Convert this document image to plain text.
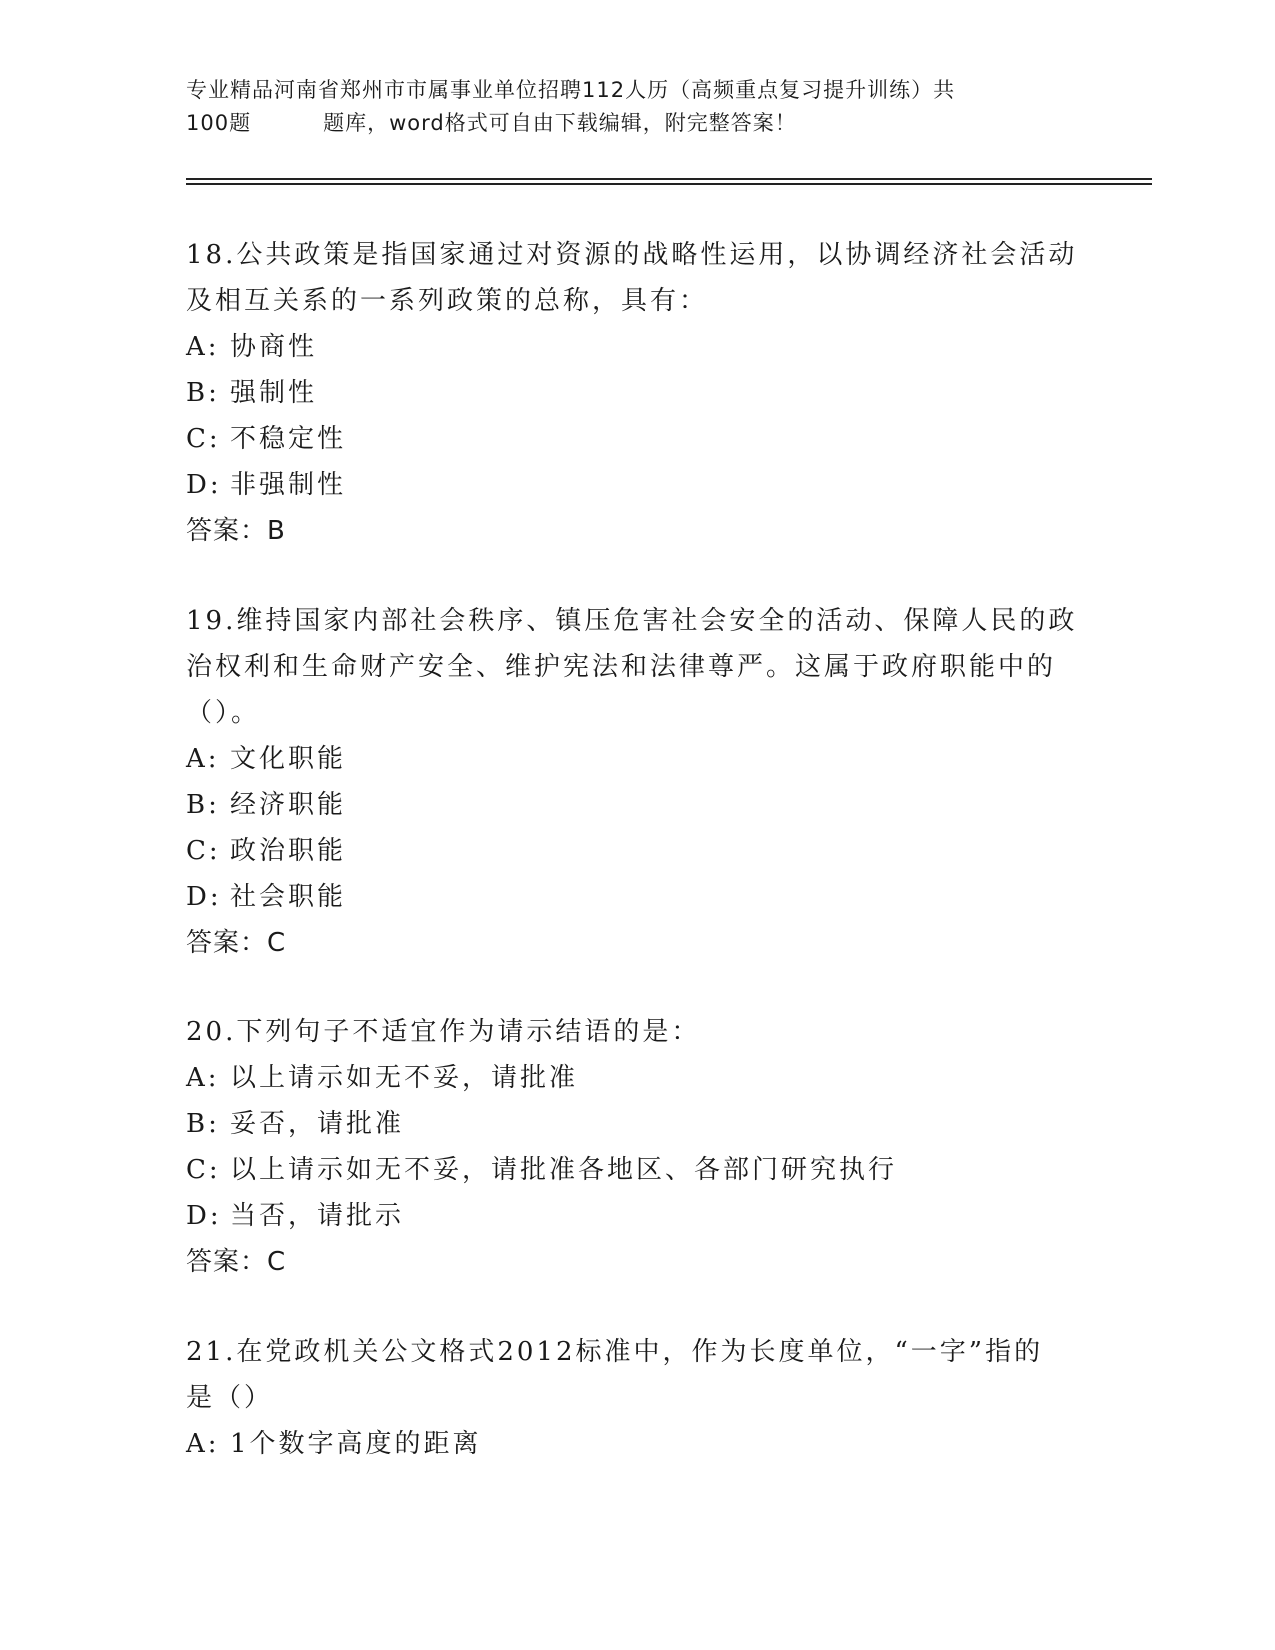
专业精品河南省郑州市市属事业单位招聘112人历（高频重点复习提升训练）共
100题	题库，word格式可自由下载编辑，附完整答案！
18.公共政策是指国家通过对资源的战略性运用，以协调经济社会活动
及相互关系的一系列政策的总称，具有：
A: 协商性
B: 强制性
C: 不稳定性
D: 非强制性
答案：B
19.维持国家内部社会秩序、镇压危害社会安全的活动、保障人民的政
治权利和生命财产安全、维护宪法和法律尊严。这属于政府职能中的
（）。
A: 文化职能
B: 经济职能
C: 政治职能
D: 社会职能
答案：C
20.下列句子不适宜作为请示结语的是：
A: 以上请示如无不妥，请批准
B: 妥否，请批准
C: 以上请示如无不妥，请批准各地区、各部门研究执行
D: 当否，请批示
答案：C
21.在党政机关公文格式2012标准中，作为长度单位，“一字”指的
是（）
A: 1个数字高度的距离
